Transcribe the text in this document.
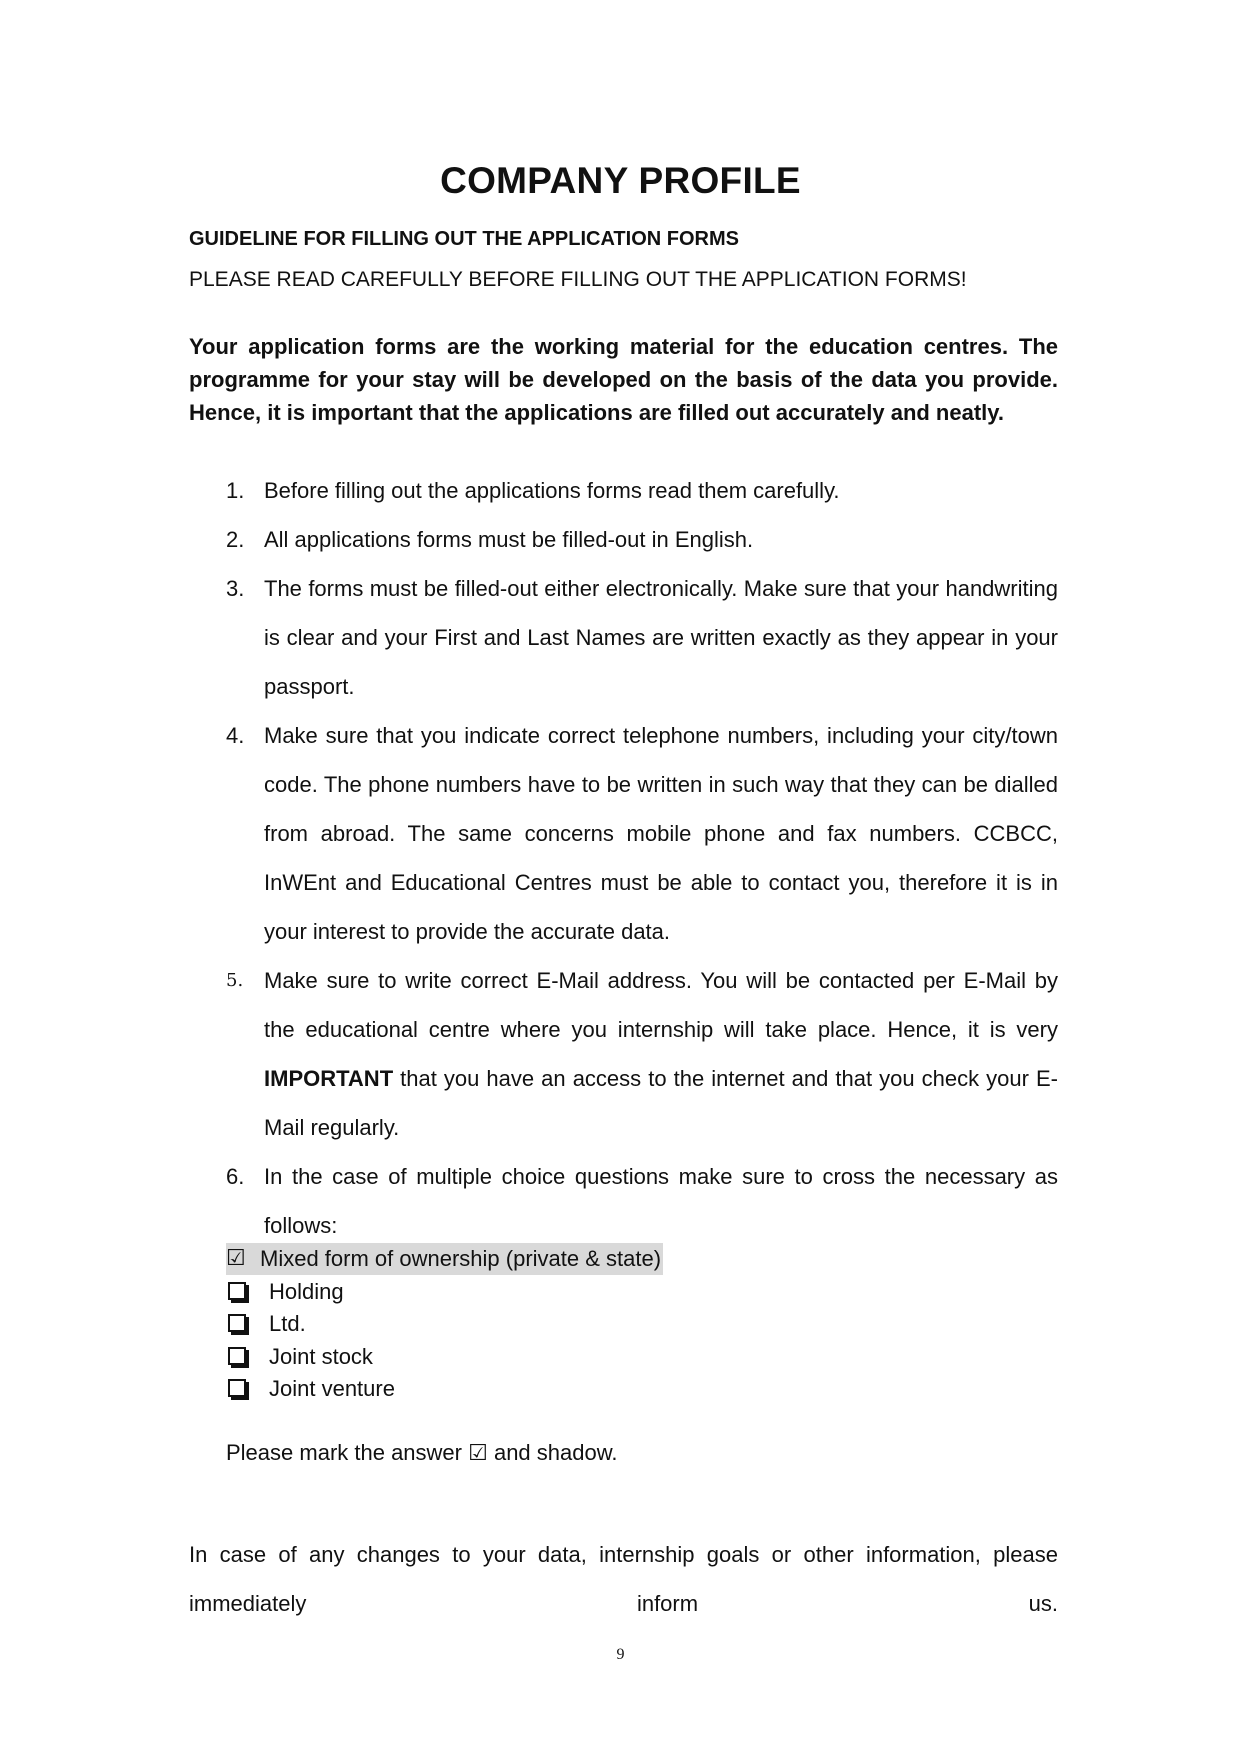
COMPANY PROFILE
GUIDELINE FOR FILLING OUT THE APPLICATION FORMS
PLEASE READ CAREFULLY BEFORE FILLING OUT THE APPLICATION FORMS!
Your application forms are the working material for the education centres. The programme for your stay will be developed on the basis of the data you provide. Hence, it is important that the applications are filled out accurately and neatly.
1. Before filling out the applications forms read them carefully.
2. All applications forms must be filled-out in English.
3. The forms must be filled-out either electronically. Make sure that your handwriting is clear and your First and Last Names are written exactly as they appear in your passport.
4. Make sure that you indicate correct telephone numbers, including your city/town code. The phone numbers have to be written in such way that they can be dialled from abroad. The same concerns mobile phone and fax numbers. CCBCC, InWEnt and Educational Centres must be able to contact you, therefore it is in your interest to provide the accurate data.
5. Make sure to write correct E-Mail address. You will be contacted per E-Mail by the educational centre where you internship will take place. Hence, it is very IMPORTANT that you have an access to the internet and that you check your E-Mail regularly.
6. In the case of multiple choice questions make sure to cross the necessary as follows:
☑ Mixed form of ownership (private & state)
Holding
Ltd.
Joint stock
Joint venture
Please mark the answer ☑ and shadow.
In case of any changes to your data, internship goals or other information, please immediately inform us.
9
